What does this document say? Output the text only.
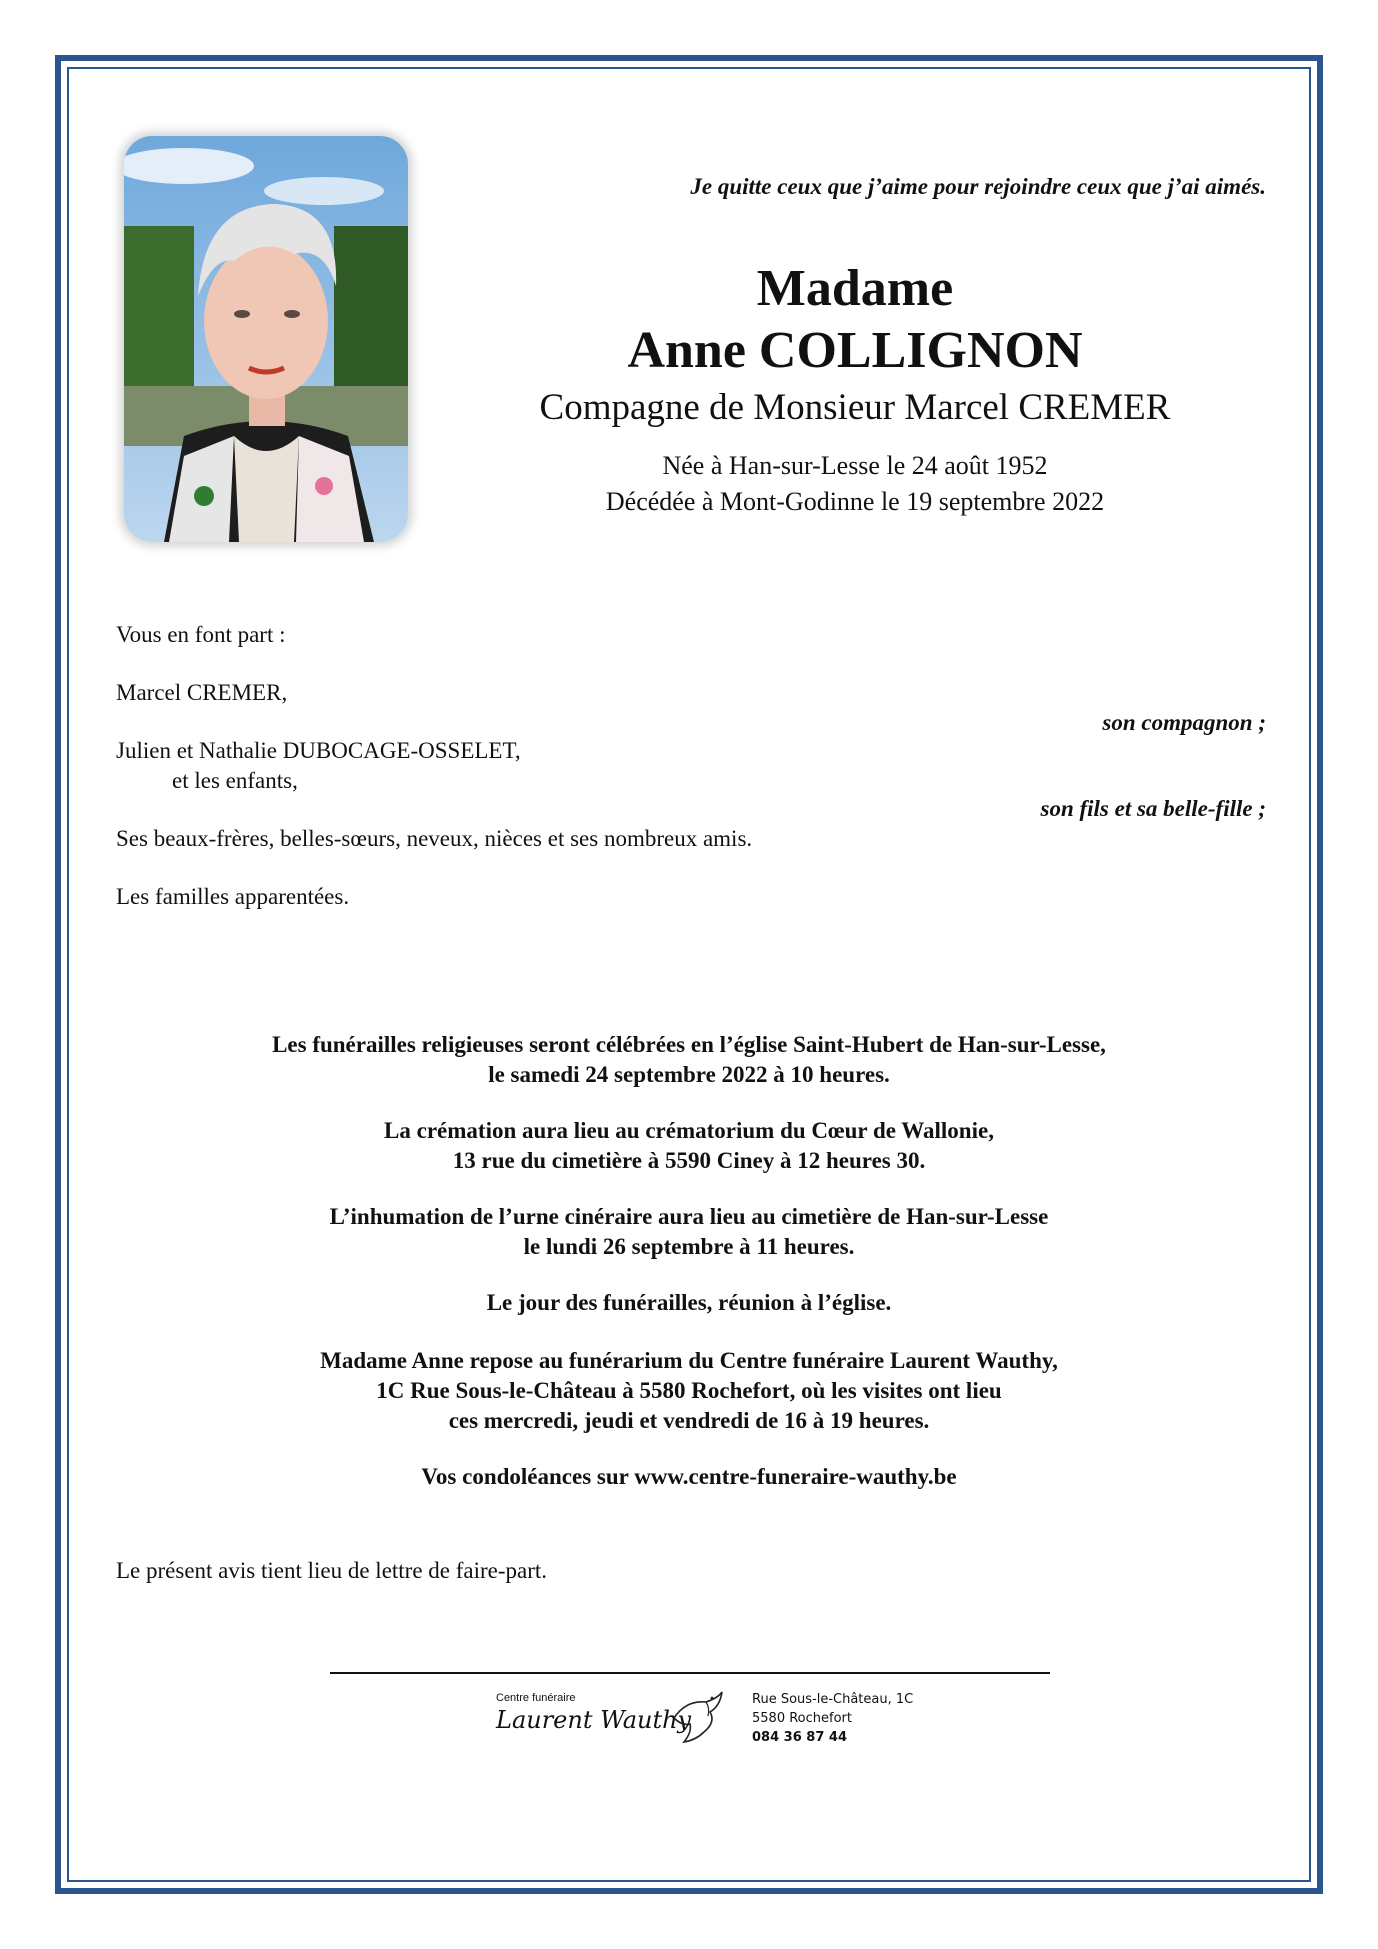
Je quitte ceux que j’aime pour rejoindre ceux que j’ai aimés.
Madame
Anne COLLIGNON
Compagne de Monsieur Marcel CREMER
Née à Han-sur-Lesse le 24 août 1952
Décédée à Mont-Godinne le 19 septembre 2022
Vous en font part :
Marcel CREMER,
son compagnon ;
Julien et Nathalie DUBOCAGE-OSSELET,
et les enfants,
son fils et sa belle-fille ;
Ses beaux-frères, belles-sœurs, neveux, nièces et ses nombreux amis.
Les familles apparentées.
Les funérailles religieuses seront célébrées en l’église Saint-Hubert de Han-sur-Lesse,
le samedi 24 septembre 2022 à 10 heures.
La crémation aura lieu au crématorium du Cœur de Wallonie,
13 rue du cimetière à 5590 Ciney à 12 heures 30.
L’inhumation de l’urne cinéraire aura lieu au cimetière de Han-sur-Lesse
le lundi 26 septembre à 11 heures.
Le jour des funérailles, réunion à l’église.
Madame Anne repose au funérarium du Centre funéraire Laurent Wauthy,
1C Rue Sous-le-Château à 5580 Rochefort, où les visites ont lieu
ces mercredi, jeudi et vendredi de 16 à 19 heures.
Vos condoléances sur www.centre-funeraire-wauthy.be
Le présent avis tient lieu de lettre de faire-part.
Centre funéraire
Laurent Wauthy
Rue Sous-le-Château, 1C
5580 Rochefort
084 36 87 44
